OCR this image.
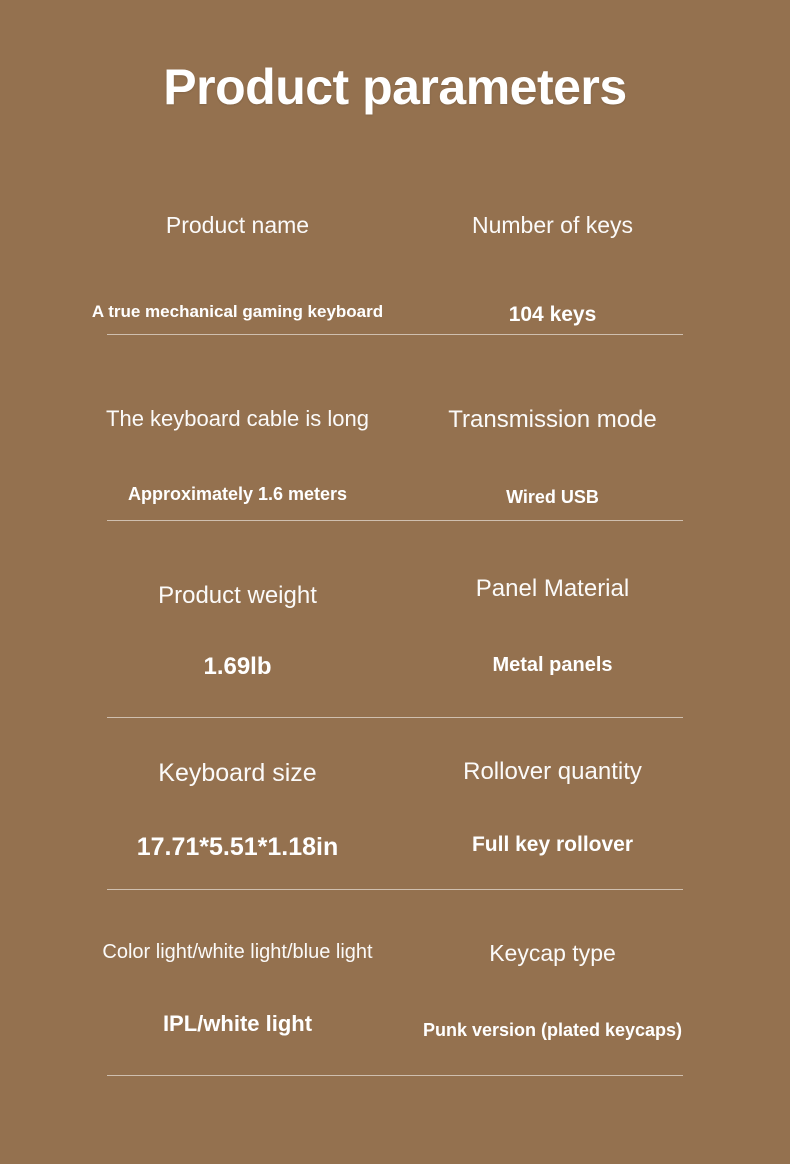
Product parameters
Product name
A true mechanical gaming keyboard
Number of keys
104 keys
The keyboard cable is long
Approximately 1.6 meters
Transmission mode
Wired USB
Product weight
1.69lb
Panel Material
Metal panels
Keyboard size
17.71*5.51*1.18in
Rollover quantity
Full key rollover
Color light/white light/blue light
IPL/white light
Keycap type
Punk version (plated keycaps)
